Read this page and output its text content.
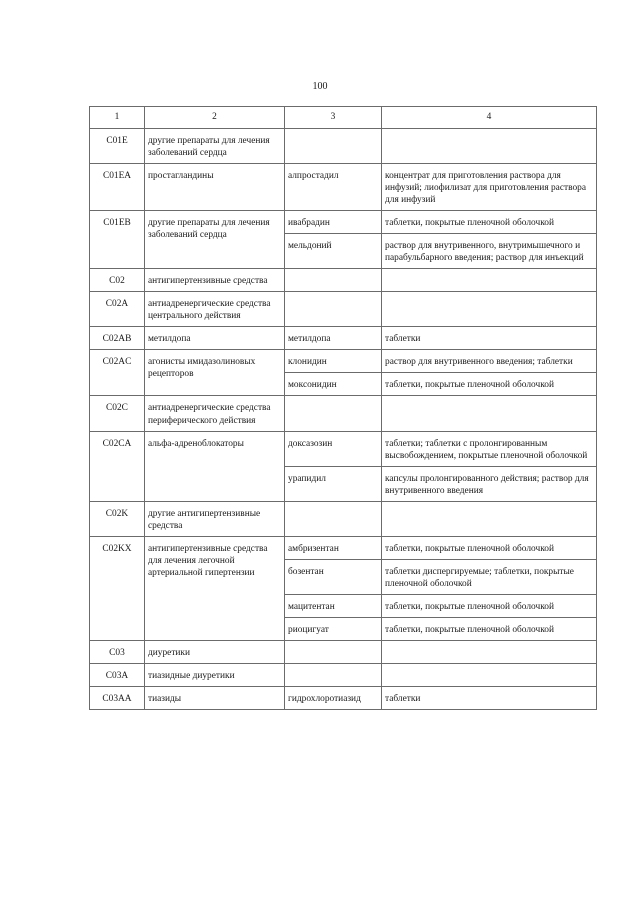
100
1	2	3	4
C01E	другие препараты для лечения заболеваний сердца		
C01EA	простагландины	алпростадил	концентрат для приготовления раствора для инфузий; лиофилизат для приготовления раствора для инфузий
C01EB	другие препараты для лечения заболеваний сердца	ивабрадин	таблетки, покрытые пленочной оболочкой
		мельдоний	раствор для внутривенного, внутримышечного и парабульбарного введения; раствор для инъекций
C02	антигипертензивные средства		
C02A	антиадренергические средства центрального действия		
C02AB	метилдопа	метилдопа	таблетки
C02AC	агонисты имидазолиновых рецепторов	клонидин	раствор для внутривенного введения; таблетки
		моксонидин	таблетки, покрытые пленочной оболочкой
C02C	антиадренергические средства периферического действия		
C02CA	альфа-адреноблокаторы	доксазозин	таблетки; таблетки с пролонгированным высвобождением, покрытые пленочной оболочкой
		урапидил	капсулы пролонгированного действия; раствор для внутривенного введения
C02K	другие антигипертензивные средства		
C02KX	антигипертензивные средства для лечения легочной артериальной гипертензии	амбризентан	таблетки, покрытые пленочной оболочкой
		бозентан	таблетки диспергируемые; таблетки, покрытые пленочной оболочкой
		мацитентан	таблетки, покрытые пленочной оболочкой
		риоцигуат	таблетки, покрытые пленочной оболочкой
C03	диуретики		
C03A	тиазидные диуретики		
C03AA	тиазиды	гидрохлоротиазид	таблетки
